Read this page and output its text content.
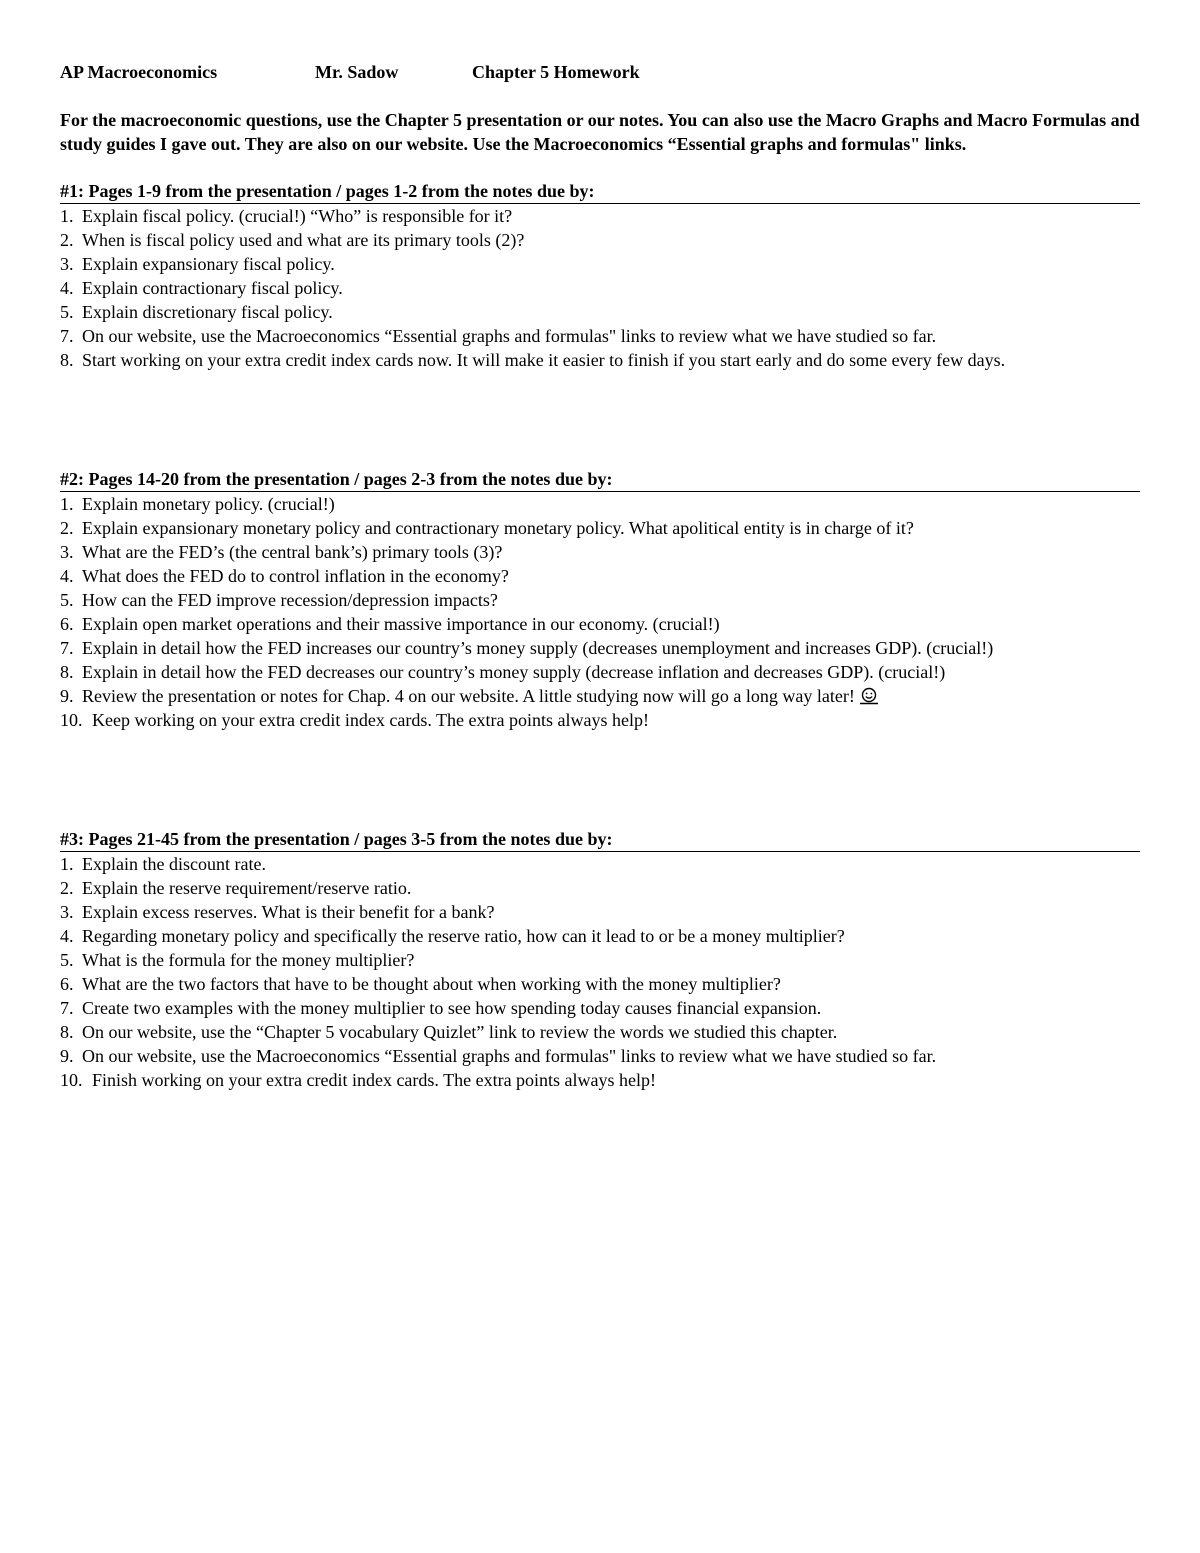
AP Macroeconomics	Mr. Sadow	Chapter 5 Homework
For the macroeconomic questions, use the Chapter 5 presentation or our notes. You can also use the Macro Graphs and Macro Formulas and study guides I gave out. They are also on our website. Use the Macroeconomics “Essential graphs and formulas" links.
#1: Pages 1-9 from the presentation / pages 1-2 from the notes due by:
1. Explain fiscal policy. (crucial!) “Who” is responsible for it?
2. When is fiscal policy used and what are its primary tools (2)?
3. Explain expansionary fiscal policy.
4. Explain contractionary fiscal policy.
5. Explain discretionary fiscal policy.
7. On our website, use the Macroeconomics “Essential graphs and formulas" links to review what we have studied so far.
8. Start working on your extra credit index cards now. It will make it easier to finish if you start early and do some every few days.
#2: Pages 14-20 from the presentation / pages 2-3 from the notes due by:
1. Explain monetary policy. (crucial!)
2. Explain expansionary monetary policy and contractionary monetary policy. What apolitical entity is in charge of it?
3. What are the FED’s (the central bank’s) primary tools (3)?
4. What does the FED do to control inflation in the economy?
5. How can the FED improve recession/depression impacts?
6. Explain open market operations and their massive importance in our economy. (crucial!)
7. Explain in detail how the FED increases our country’s money supply (decreases unemployment and increases GDP). (crucial!)
8. Explain in detail how the FED decreases our country’s money supply (decrease inflation and decreases GDP). (crucial!)
9. Review the presentation or notes for Chap. 4 on our website. A little studying now will go a long way later!
10. Keep working on your extra credit index cards. The extra points always help!
#3: Pages 21-45 from the presentation / pages 3-5 from the notes due by:
1. Explain the discount rate.
2. Explain the reserve requirement/reserve ratio.
3. Explain excess reserves. What is their benefit for a bank?
4. Regarding monetary policy and specifically the reserve ratio, how can it lead to or be a money multiplier?
5. What is the formula for the money multiplier?
6. What are the two factors that have to be thought about when working with the money multiplier?
7. Create two examples with the money multiplier to see how spending today causes financial expansion.
8. On our website, use the “Chapter 5 vocabulary Quizlet” link to review the words we studied this chapter.
9. On our website, use the Macroeconomics “Essential graphs and formulas" links to review what we have studied so far.
10. Finish working on your extra credit index cards. The extra points always help!
